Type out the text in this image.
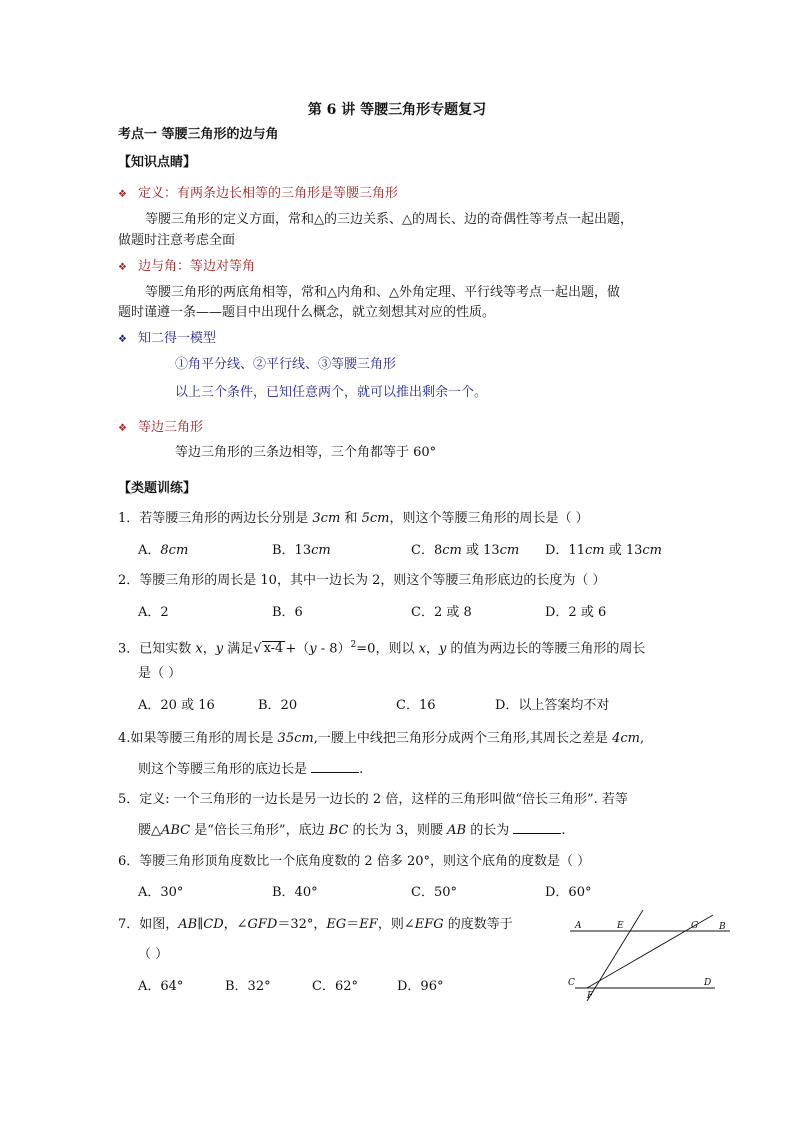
第 6 讲 等腰三角形专题复习
考点一 等腰三角形的边与角
【知识点睛】
❖ 定义：有两条边长相等的三角形是等腰三角形
等腰三角形的定义方面，常和△的三边关系、△的周长、边的奇偶性等考点一起出题，
做题时注意考虑全面
❖ 边与角：等边对等角
等腰三角形的两底角相等，常和△内角和、△外角定理、平行线等考点一起出题，做
题时谨遵一条——题目中出现什么概念，就立刻想其对应的性质。
❖ 知二得一模型
①角平分线、②平行线、③等腰三角形
以上三个条件，已知任意两个，就可以推出剩余一个。
❖ 等边三角形
等边三角形的三条边相等，三个角都等于 60°
【类题训练】
1．若等腰三角形的两边长分别是 3cm 和 5cm，则这个等腰三角形的周长是（ ）
A．8cm	B．13cm	C．8cm 或 13cm D．11cm 或 13cm
2．等腰三角形的周长是 10，其中一边长为 2，则这个等腰三角形底边的长度为（ ）
A．2	B．6	C．2 或 8	D．2 或 6
3．已知实数 x，y 满足√ x-4 +（y - 8）$^2$=0，则以 x，y 的值为两边长的等腰三角形的周长
是（ ）
A．20 或 16	B．20	C．16	D．以上答案均不对
4.如果等腰三角形的周长是 35cm,一腰上中线把三角形分成两个三角形,其周长之差是 4cm,
则这个等腰三角形的底边长是	.
5．定义: 一个三角形的一边长是另一边长的 2 倍，这样的三角形叫做“倍长三角形”. 若等
腰△ABC 是“倍长三角形”，底边 BC 的长为 3，则腰 AB 的长为	.
6．等腰三角形顶角度数比一个底角度数的 2 倍多 20°，则这个底角的度数是（ ）
A．30°	B．40°	C．50°	D．60°
7．如图，AB∥CD，∠GFD＝32°，EG＝EF，则∠EFG 的度数等于
（ ）
A．64°	B．32°	C．62°	D．96°
A	E	G B
C	D
F
